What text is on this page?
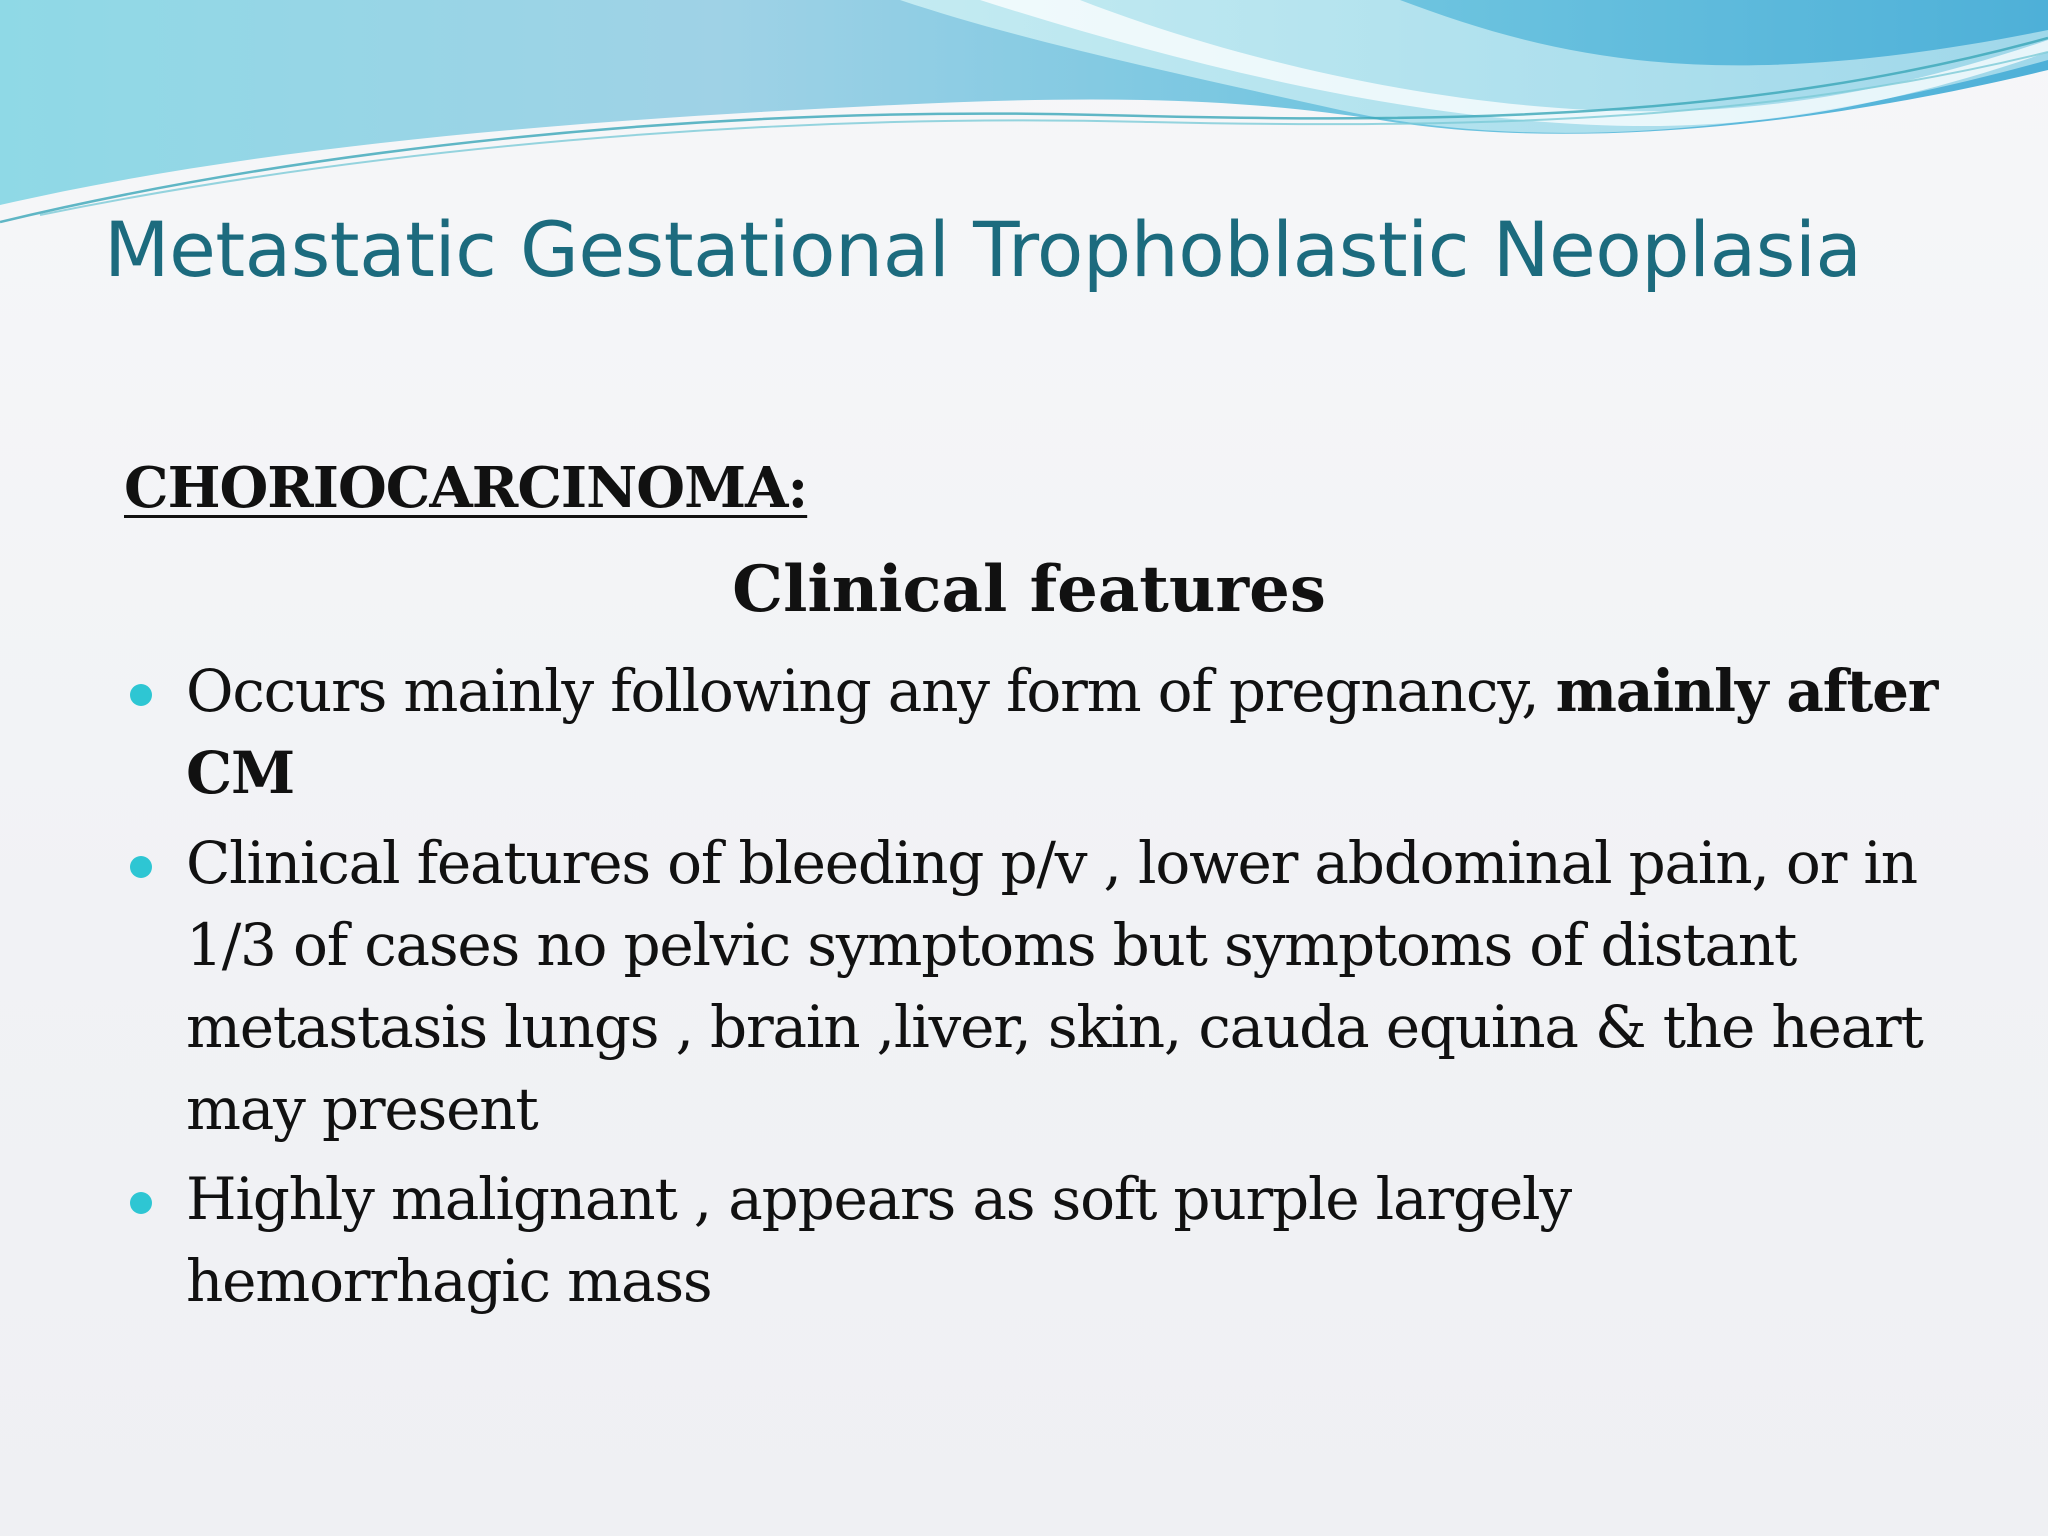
Metastatic Gestational Trophoblastic Neoplasia
CHORIOCARCINOMA:
Clinical features
Occurs mainly following any form of pregnancy, mainly after CM
Clinical features of bleeding p/v , lower abdominal pain, or in 1/3 of cases no pelvic symptoms but symptoms of distant metastasis lungs , brain ,liver, skin, cauda equina & the heart may present
Highly malignant , appears as soft purple largely hemorrhagic mass
